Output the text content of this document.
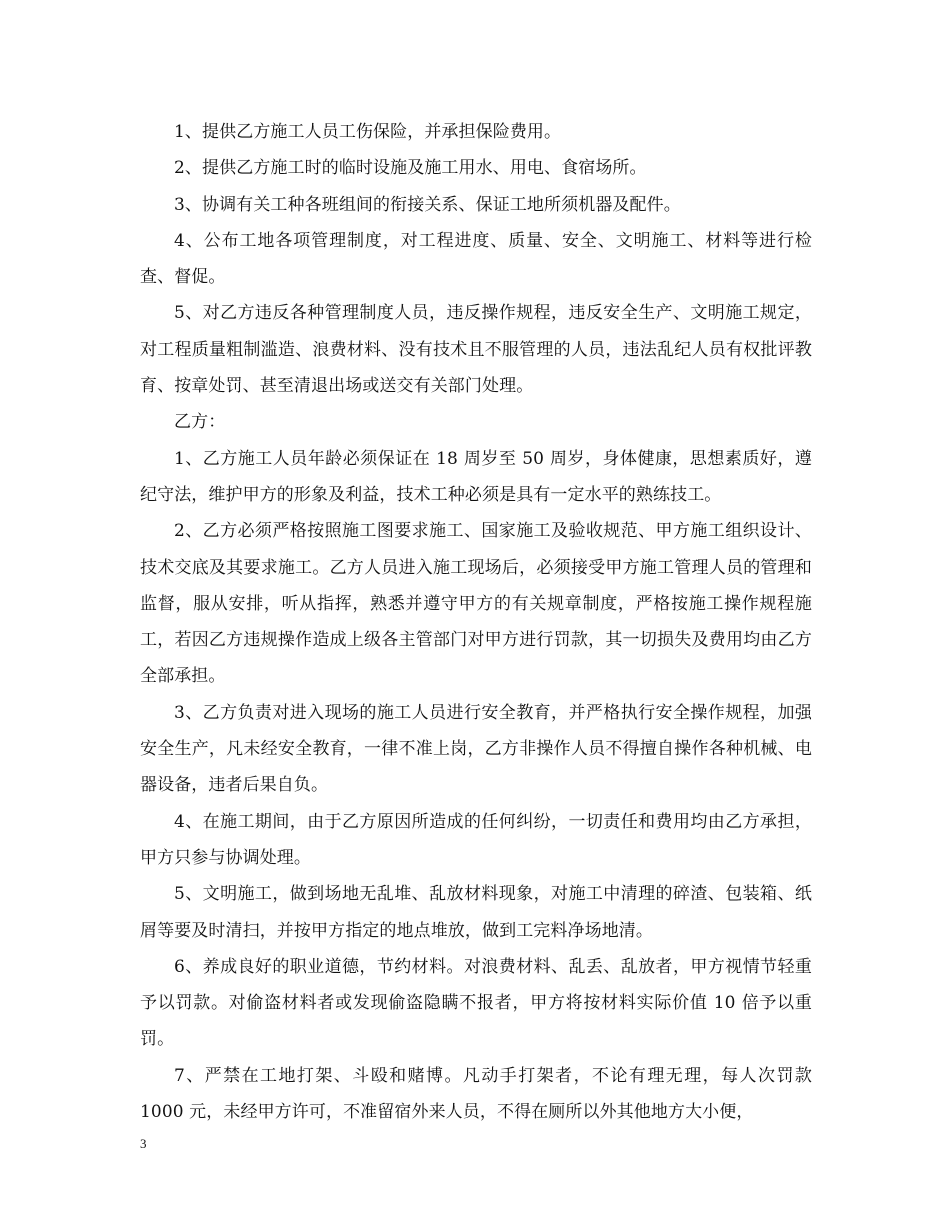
1、提供乙方施工人员工伤保险，并承担保险费用。

2、提供乙方施工时的临时设施及施工用水、用电、食宿场所。

3、协调有关工种各班组间的衔接关系、保证工地所须机器及配件。

4、公布工地各项管理制度，对工程进度、质量、安全、文明施工、材料等进行检查、督促。

5、对乙方违反各种管理制度人员，违反操作规程，违反安全生产、文明施工规定，对工程质量粗制滥造、浪费材料、没有技术且不服管理的人员，违法乱纪人员有权批评教育、按章处罚、甚至清退出场或送交有关部门处理。

乙方：

1、乙方施工人员年龄必须保证在 18 周岁至 50 周岁，身体健康，思想素质好，遵纪守法，维护甲方的形象及利益，技术工种必须是具有一定水平的熟练技工。

2、乙方必须严格按照施工图要求施工、国家施工及验收规范、甲方施工组织设计、技术交底及其要求施工。乙方人员进入施工现场后，必须接受甲方施工管理人员的管理和监督，服从安排，听从指挥，熟悉并遵守甲方的有关规章制度，严格按施工操作规程施工，若因乙方违规操作造成上级各主管部门对甲方进行罚款，其一切损失及费用均由乙方全部承担。

3、乙方负责对进入现场的施工人员进行安全教育，并严格执行安全操作规程，加强安全生产，凡未经安全教育，一律不准上岗，乙方非操作人员不得擅自操作各种机械、电器设备，违者后果自负。

4、在施工期间，由于乙方原因所造成的任何纠纷，一切责任和费用均由乙方承担，甲方只参与协调处理。

5、文明施工，做到场地无乱堆、乱放材料现象，对施工中清理的碎渣、包装箱、纸屑等要及时清扫，并按甲方指定的地点堆放，做到工完料净场地清。

6、养成良好的职业道德，节约材料。对浪费材料、乱丢、乱放者，甲方视情节轻重予以罚款。对偷盗材料者或发现偷盗隐瞒不报者，甲方将按材料实际价值 10 倍予以重罚。

7、严禁在工地打架、斗殴和赌博。凡动手打架者，不论有理无理，每人次罚款 1000 元，未经甲方许可，不准留宿外来人员，不得在厕所以外其他地方大小便，

3
